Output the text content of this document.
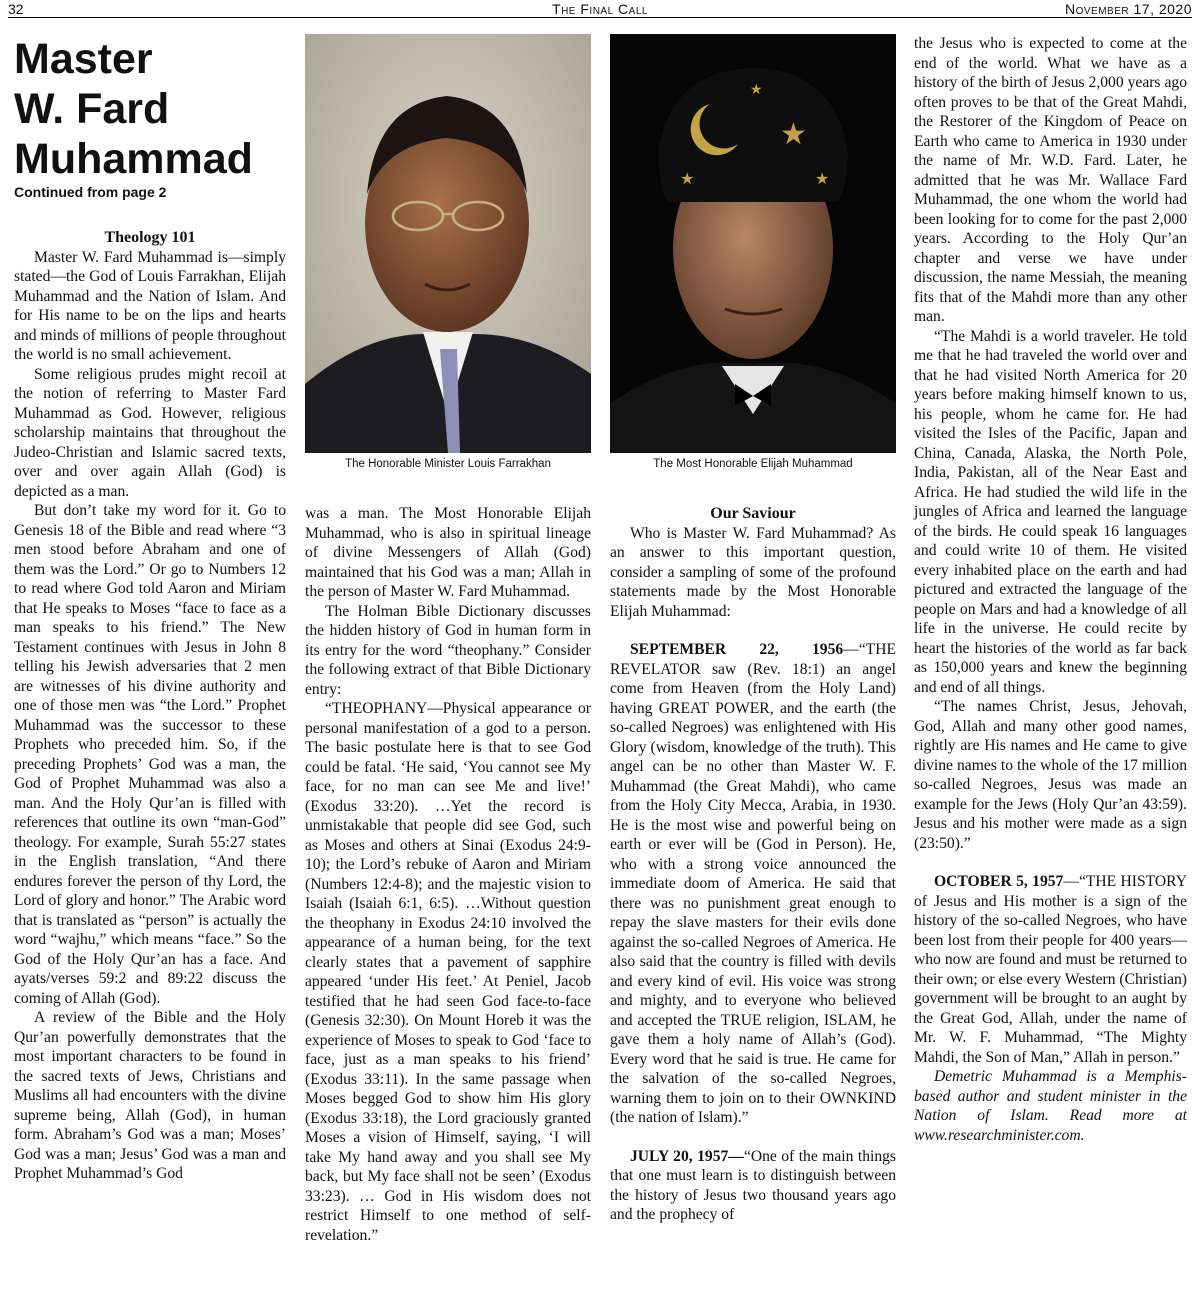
32	The Final Call	November 17, 2020
Master
W. Fard
Muhammad
Continued from page 2
Theology 101

Master W. Fard Muhammad is—simply stated—the God of Louis Farrakhan, Elijah Muhammad and the Nation of Islam. And for His name to be on the lips and hearts and minds of millions of people throughout the world is no small achievement.

Some religious prudes might recoil at the notion of referring to Master Fard Muhammad as God. However, religious scholarship maintains that throughout the Judeo-Christian and Islamic sacred texts, over and over again Allah (God) is depicted as a man.

But don’t take my word for it. Go to Genesis 18 of the Bible and read where “3 men stood before Abraham and one of them was the Lord.” Or go to Numbers 12 to read where God told Aaron and Miriam that He speaks to Moses “face to face as a man speaks to his friend.” The New Testament continues with Jesus in John 8 telling his Jewish adversaries that 2 men are witnesses of his divine authority and one of those men was “the Lord.” Prophet Muhammad was the successor to these Prophets who preceded him. So, if the preceding Prophets’ God was a man, the God of Prophet Muhammad was also a man. And the Holy Qur’an is filled with references that outline its own “man-God” theology. For example, Surah 55:27 states in the English translation, “And there endures forever the person of thy Lord, the Lord of glory and honor.” The Arabic word that is translated as “person” is actually the word “wajhu,” which means “face.” So the God of the Holy Qur’an has a face. And ayats/verses 59:2 and 89:22 discuss the coming of Allah (God).

A review of the Bible and the Holy Qur’an powerfully demonstrates that the most important characters to be found in the sacred texts of Jews, Christians and Muslims all had encounters with the divine supreme being, Allah (God), in human form. Abraham’s God was a man; Moses’ God was a man; Jesus’ God was a man and Prophet Muhammad’s God

The Honorable Minister Louis Farrakhan
★
★	★
★
The Most Honorable Elijah Muhammad

was a man. The Most Honorable Elijah Muhammad, who is also in spiritual lineage of divine Messengers of Allah (God) maintained that his God was a man; Allah in the person of Master W. Fard Muhammad.

The Holman Bible Dictionary discusses the hidden history of God in human form in its entry for the word “theophany.” Consider the following extract of that Bible Dictionary entry:

“THEOPHANY—Physical appearance or personal manifestation of a god to a person. The basic postulate here is that to see God could be fatal. ‘He said, ‘You cannot see My face, for no man can see Me and live!’ (Exodus 33:20). …Yet the record is unmistakable that people did see God, such as Moses and others at Sinai (Exodus 24:9-10); the Lord’s rebuke of Aaron and Miriam (Numbers 12:4-8); and the majestic vision to Isaiah (Isaiah 6:1, 6:5). …Without question the theophany in Exodus 24:10 involved the appearance of a human being, for the text clearly states that a pavement of sapphire appeared ‘under His feet.’ At Peniel, Jacob testified that he had seen God face-to-face (Genesis 32:30). On Mount Horeb it was the experience of Moses to speak to God ‘face to face, just as a man speaks to his friend’ (Exodus 33:11). In the same passage when Moses begged God to show him His glory (Exodus 33:18), the Lord graciously granted Moses a vision of Himself, saying, ‘I will take My hand away and you shall see My back, but My face shall not be seen’ (Exodus 33:23). … God in His wisdom does not restrict Himself to one method of self-revelation.”

Our Saviour

Who is Master W. Fard Muhammad? As an answer to this important question, consider a sampling of some of the profound statements made by the Most Honorable Elijah Muhammad:

SEPTEMBER 22, 1956—“THE REVELATOR saw (Rev. 18:1) an angel come from Heaven (from the Holy Land) having GREAT POWER, and the earth (the so-called Negroes) was enlightened with His Glory (wisdom, knowledge of the truth). This angel can be no other than Master W. F. Muhammad (the Great Mahdi), who came from the Holy City Mecca, Arabia, in 1930. He is the most wise and powerful being on earth or ever will be (God in Person). He, who with a strong voice announced the immediate doom of America. He said that there was no punishment great enough to repay the slave masters for their evils done against the so-called Negroes of America. He also said that the country is filled with devils and every kind of evil. His voice was strong and mighty, and to everyone who believed and accepted the TRUE religion, ISLAM, he gave them a holy name of Allah’s (God). Every word that he said is true. He came for the salvation of the so-called Negroes, warning them to join on to their OWNKIND (the nation of Islam).”

JULY 20, 1957—“One of the main things that one must learn is to distinguish between the history of Jesus two thousand years ago and the prophecy of

the Jesus who is expected to come at the end of the world. What we have as a history of the birth of Jesus 2,000 years ago often proves to be that of the Great Mahdi, the Restorer of the Kingdom of Peace on Earth who came to America in 1930 under the name of Mr. W.D. Fard. Later, he admitted that he was Mr. Wallace Fard Muhammad, the one whom the world had been looking for to come for the past 2,000 years. According to the Holy Qur’an chapter and verse we have under discussion, the name Messiah, the meaning fits that of the Mahdi more than any other man.

“The Mahdi is a world traveler. He told me that he had traveled the world over and that he had visited North America for 20 years before making himself known to us, his people, whom he came for. He had visited the Isles of the Pacific, Japan and China, Canada, Alaska, the North Pole, India, Pakistan, all of the Near East and Africa. He had studied the wild life in the jungles of Africa and learned the language of the birds. He could speak 16 languages and could write 10 of them. He visited every inhabited place on the earth and had pictured and extracted the language of the people on Mars and had a knowledge of all life in the universe. He could recite by heart the histories of the world as far back as 150,000 years and knew the beginning and end of all things.

“The names Christ, Jesus, Jehovah, God, Allah and many other good names, rightly are His names and He came to give divine names to the whole of the 17 million so-called Negroes, Jesus was made an example for the Jews (Holy Qur’an 43:59). Jesus and his mother were made as a sign (23:50).”

OCTOBER 5, 1957—“THE HISTORY of Jesus and His mother is a sign of the history of the so-called Negroes, who have been lost from their people for 400 years—who now are found and must be returned to their own; or else every Western (Christian) government will be brought to an aught by the Great God, Allah, under the name of Mr. W. F. Muhammad, “The Mighty Mahdi, the Son of Man,” Allah in person.”

Demetric Muhammad is a Memphis-based author and student minister in the Nation of Islam. Read more at www.researchminister.com.
